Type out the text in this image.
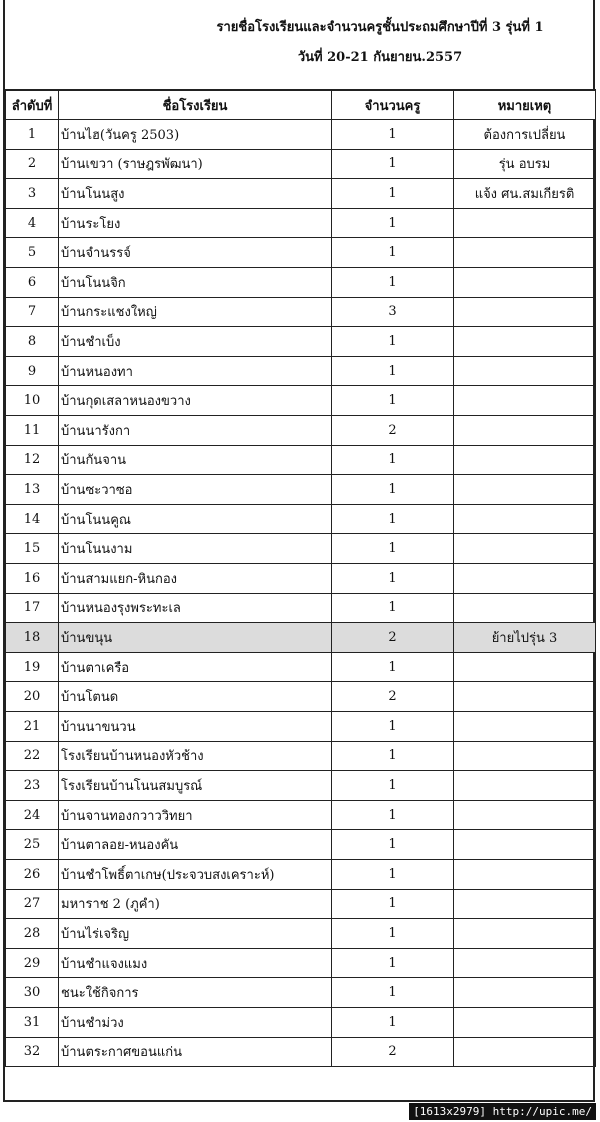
รายชื่อโรงเรียนและจำนวนครูชั้นประถมศึกษาปีที่ 3 รุ่นที่ 1
วันที่ 20-21 กันยายน.2557
ลำดับที่	ชื่อโรงเรียน	จำนวนครู	หมายเหตุ
1	บ้านไฮ(วันครู 2503)	1	ต้องการเปลี่ยน
2	บ้านเขวา (ราษฎรพัฒนา)	1	รุ่น อบรม
3	บ้านโนนสูง	1	แจ้ง ศน.สมเกียรติ
4	บ้านระโยง	1	
5	บ้านจำนรรจ์	1	
6	บ้านโนนจิก	1	
7	บ้านกระแชงใหญ่	3	
8	บ้านชำเบ็ง	1	
9	บ้านหนองทา	1	
10	บ้านกุดเสลาหนองขวาง	1	
11	บ้านนารังกา	2	
12	บ้านกันจาน	1	
13	บ้านซะวาซอ	1	
14	บ้านโนนคูณ	1	
15	บ้านโนนงาม	1	
16	บ้านสามแยก-หินกอง	1	
17	บ้านหนองรุงพระทะเล	1	
18	บ้านขนุน	2	ย้ายไปรุ่น 3
19	บ้านตาเครือ	1	
20	บ้านโตนด	2	
21	บ้านนาขนวน	1	
22	โรงเรียนบ้านหนองหัวช้าง	1	
23	โรงเรียนบ้านโนนสมบูรณ์	1	
24	บ้านจานทองกวาววิทยา	1	
25	บ้านตาลอย-หนองคัน	1	
26	บ้านชำโพธิ์ตาเกษ(ประจวบสงเคราะห์)	1	
27	มหาราช 2 (ภูคำ)	1	
28	บ้านไร่เจริญ	1	
29	บ้านชำแจงแมง	1	
30	ชนะใช้กิจการ	1	
31	บ้านชำม่วง	1	
32	บ้านตระกาศขอนแก่น	2	
[1613x2979] http://upic.me/
